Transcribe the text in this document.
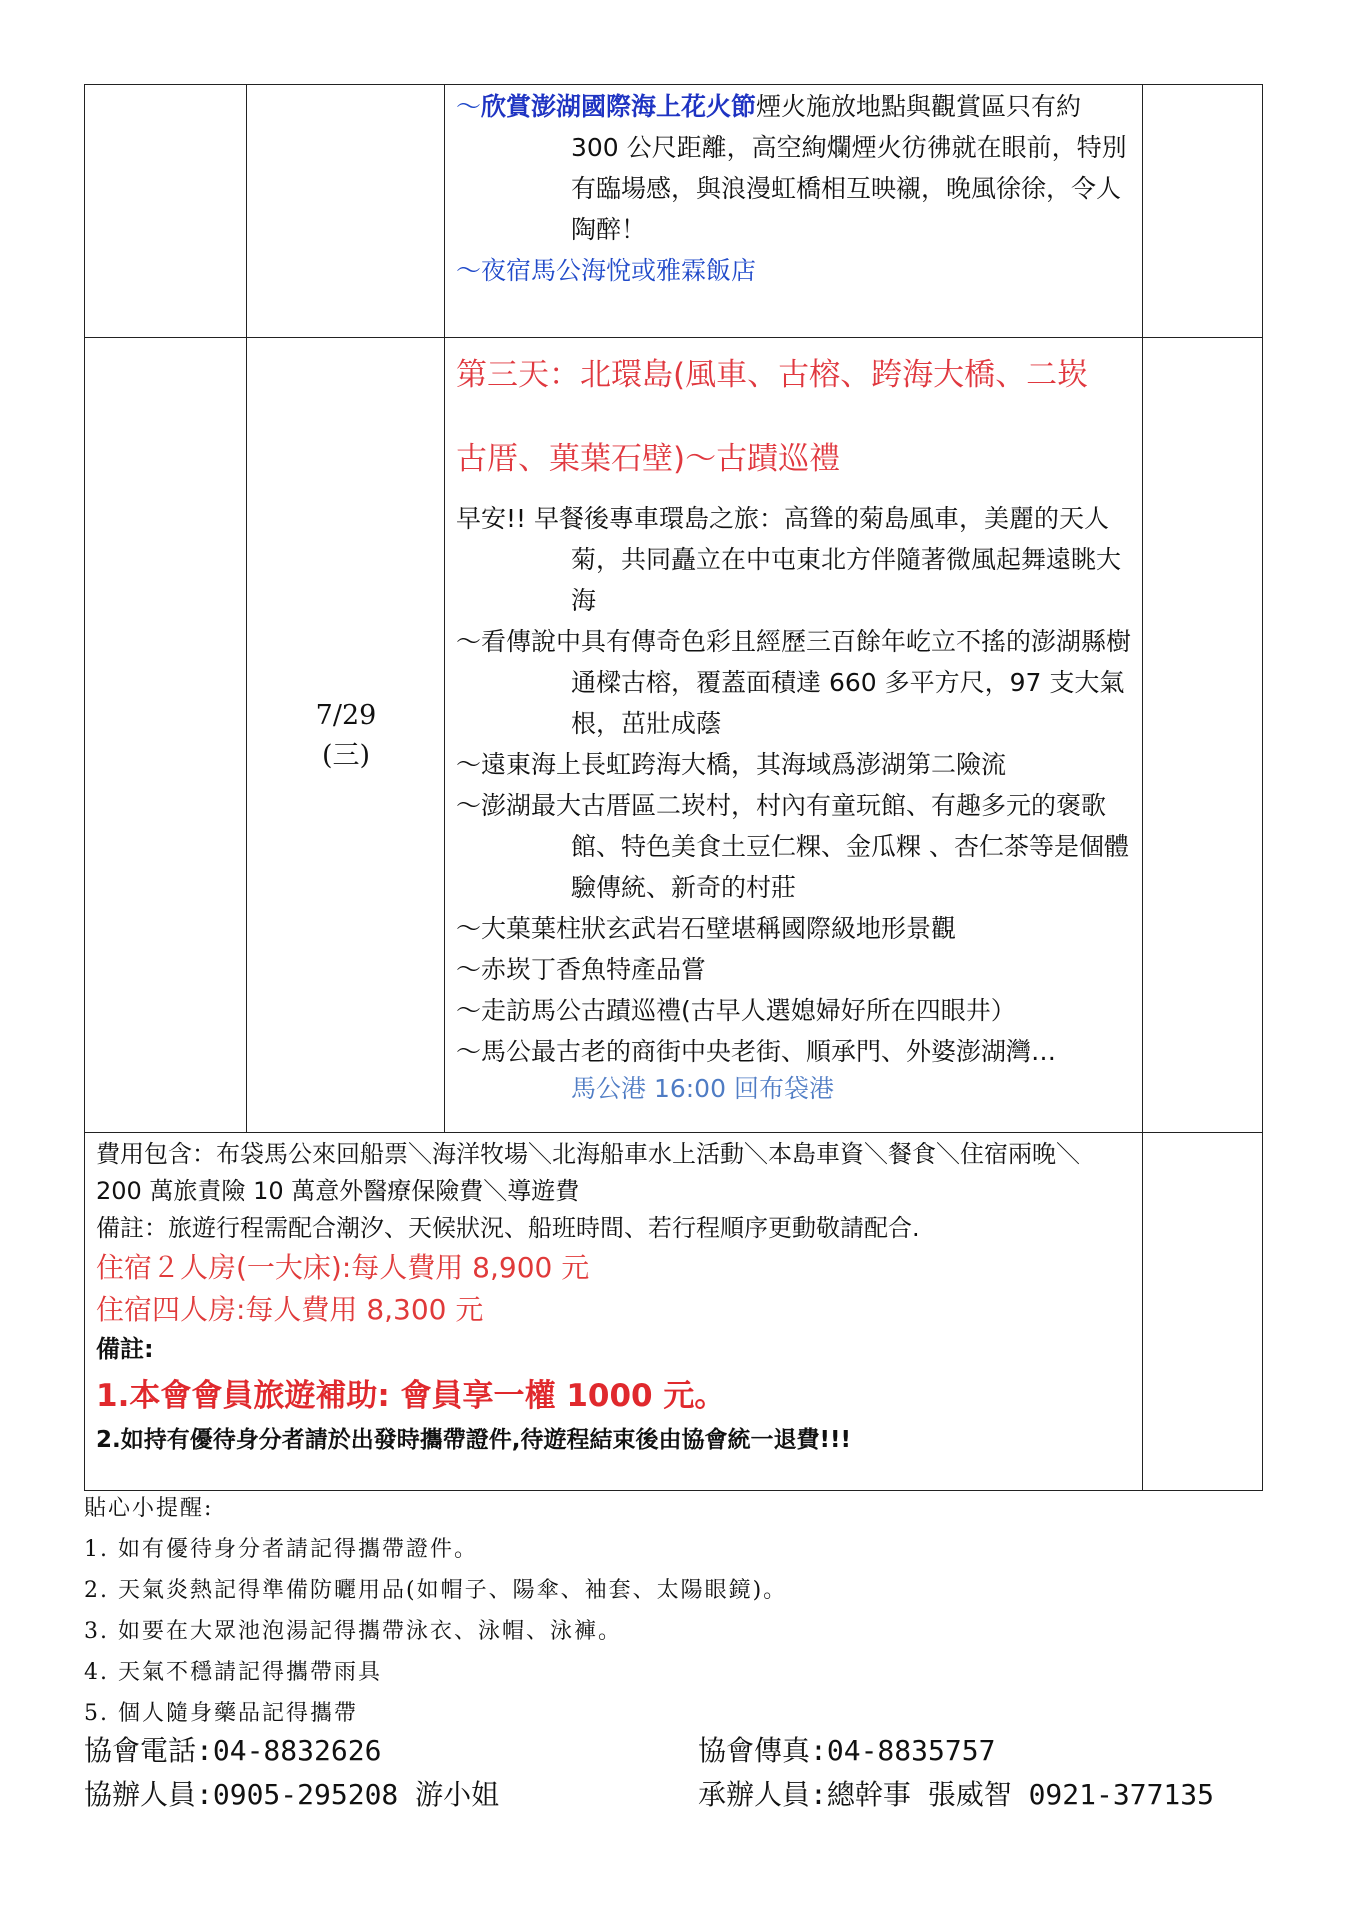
～欣賞澎湖國際海上花火節煙火施放地點與觀賞區只有約 300 公尺距離，高空絢爛煙火彷彿就在眼前，特別有臨場感，與浪漫虹橋相互映襯，晚風徐徐，令人陶醉！

～夜宿馬公海悅或雅霖飯店

7/29
(三)
第三天：北環島(風車、古榕、跨海大橋、二崁
古厝、菓葉石壁)～古蹟巡禮

早安!! 早餐後專車環島之旅：高聳的菊島風車，美麗的天人菊，共同矗立在中屯東北方伴隨著微風起舞遠眺大海

～看傳說中具有傳奇色彩且經歷三百餘年屹立不搖的澎湖縣樹通樑古榕，覆蓋面積達 660 多平方尺，97 支大氣根，茁壯成蔭

～遠東海上長虹跨海大橋，其海域爲澎湖第二險流

～澎湖最大古厝區二崁村，村內有童玩館、有趣多元的褒歌館、特色美食土豆仁粿、金瓜粿 、杏仁茶等是個體驗傳統、新奇的村莊

～大菓葉柱狀玄武岩石壁堪稱國際級地形景觀

～赤崁丁香魚特產品嘗

～走訪馬公古蹟巡禮(古早人選媳婦好所在四眼井）

～馬公最古老的商街中央老街、順承門、外婆澎湖灣…

馬公港 16:00 回布袋港

費用包含：布袋馬公來回船票＼海洋牧場＼北海船車水上活動＼本島車資＼餐食＼住宿兩晚＼ 200 萬旅責險 10 萬意外醫療保險費＼導遊費

備註：旅遊行程需配合潮汐、天候狀況、船班時間、若行程順序更動敬請配合.

住宿２人房(一大床):每人費用 8,900 元

住宿四人房:每人費用 8,300 元

備註:

1.本會會員旅遊補助: 會員享一權 1000 元。

2.如持有優待身分者請於出發時攜帶證件,待遊程結束後由協會統一退費!!!

貼心小提醒:

1. 如有優待身分者請記得攜帶證件。

2. 天氣炎熱記得準備防曬用品(如帽子、陽傘、袖套、太陽眼鏡)。

3. 如要在大眾池泡湯記得攜帶泳衣、泳帽、泳褲。

4. 天氣不穩請記得攜帶雨具

5. 個人隨身藥品記得攜帶

協會電話:04-8832626	協會傳真:04-8835757
協辦人員:0905-295208 游小姐	承辦人員:總幹事 張威智 0921-377135
